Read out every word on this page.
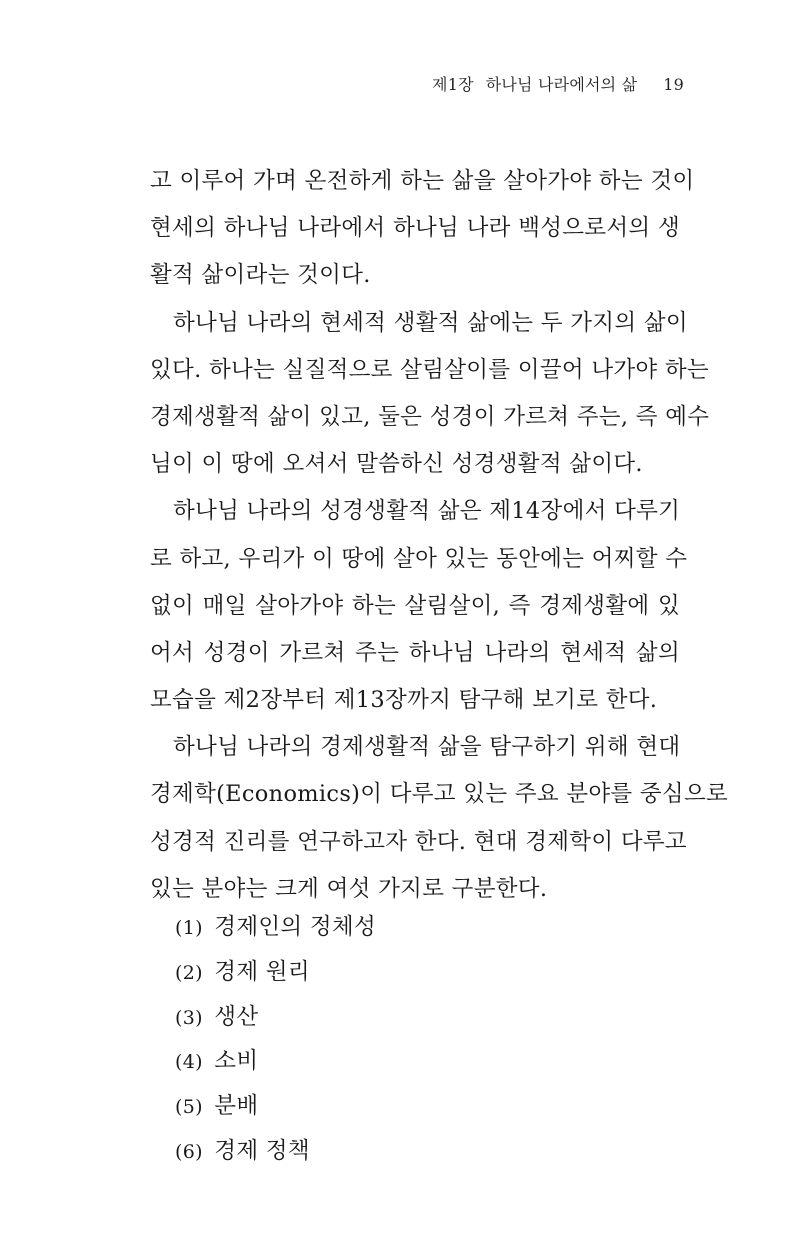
제1장 하나님 나라에서의 삶 19
고 이루어 가며 온전하게 하는 삶을 살아가야 하는 것이
현세의 하나님 나라에서 하나님 나라 백성으로서의 생
활적 삶이라는 것이다.
하나님 나라의 현세적 생활적 삶에는 두 가지의 삶이
있다. 하나는 실질적으로 살림살이를 이끌어 나가야 하는
경제생활적 삶이 있고, 둘은 성경이 가르쳐 주는, 즉 예수
님이 이 땅에 오셔서 말씀하신 성경생활적 삶이다.
하나님 나라의 성경생활적 삶은 제14장에서 다루기
로 하고, 우리가 이 땅에 살아 있는 동안에는 어찌할 수
없이 매일 살아가야 하는 살림살이, 즉 경제생활에 있
어서 성경이 가르쳐 주는 하나님 나라의 현세적 삶의
모습을 제2장부터 제13장까지 탐구해 보기로 한다.
하나님 나라의 경제생활적 삶을 탐구하기 위해 현대
경제학(Economics)이 다루고 있는 주요 분야를 중심으로
성경적 진리를 연구하고자 한다. 현대 경제학이 다루고
있는 분야는 크게 여섯 가지로 구분한다.
(1) 경제인의 정체성
(2) 경제 원리
(3) 생산
(4) 소비
(5) 분배
(6) 경제 정책
